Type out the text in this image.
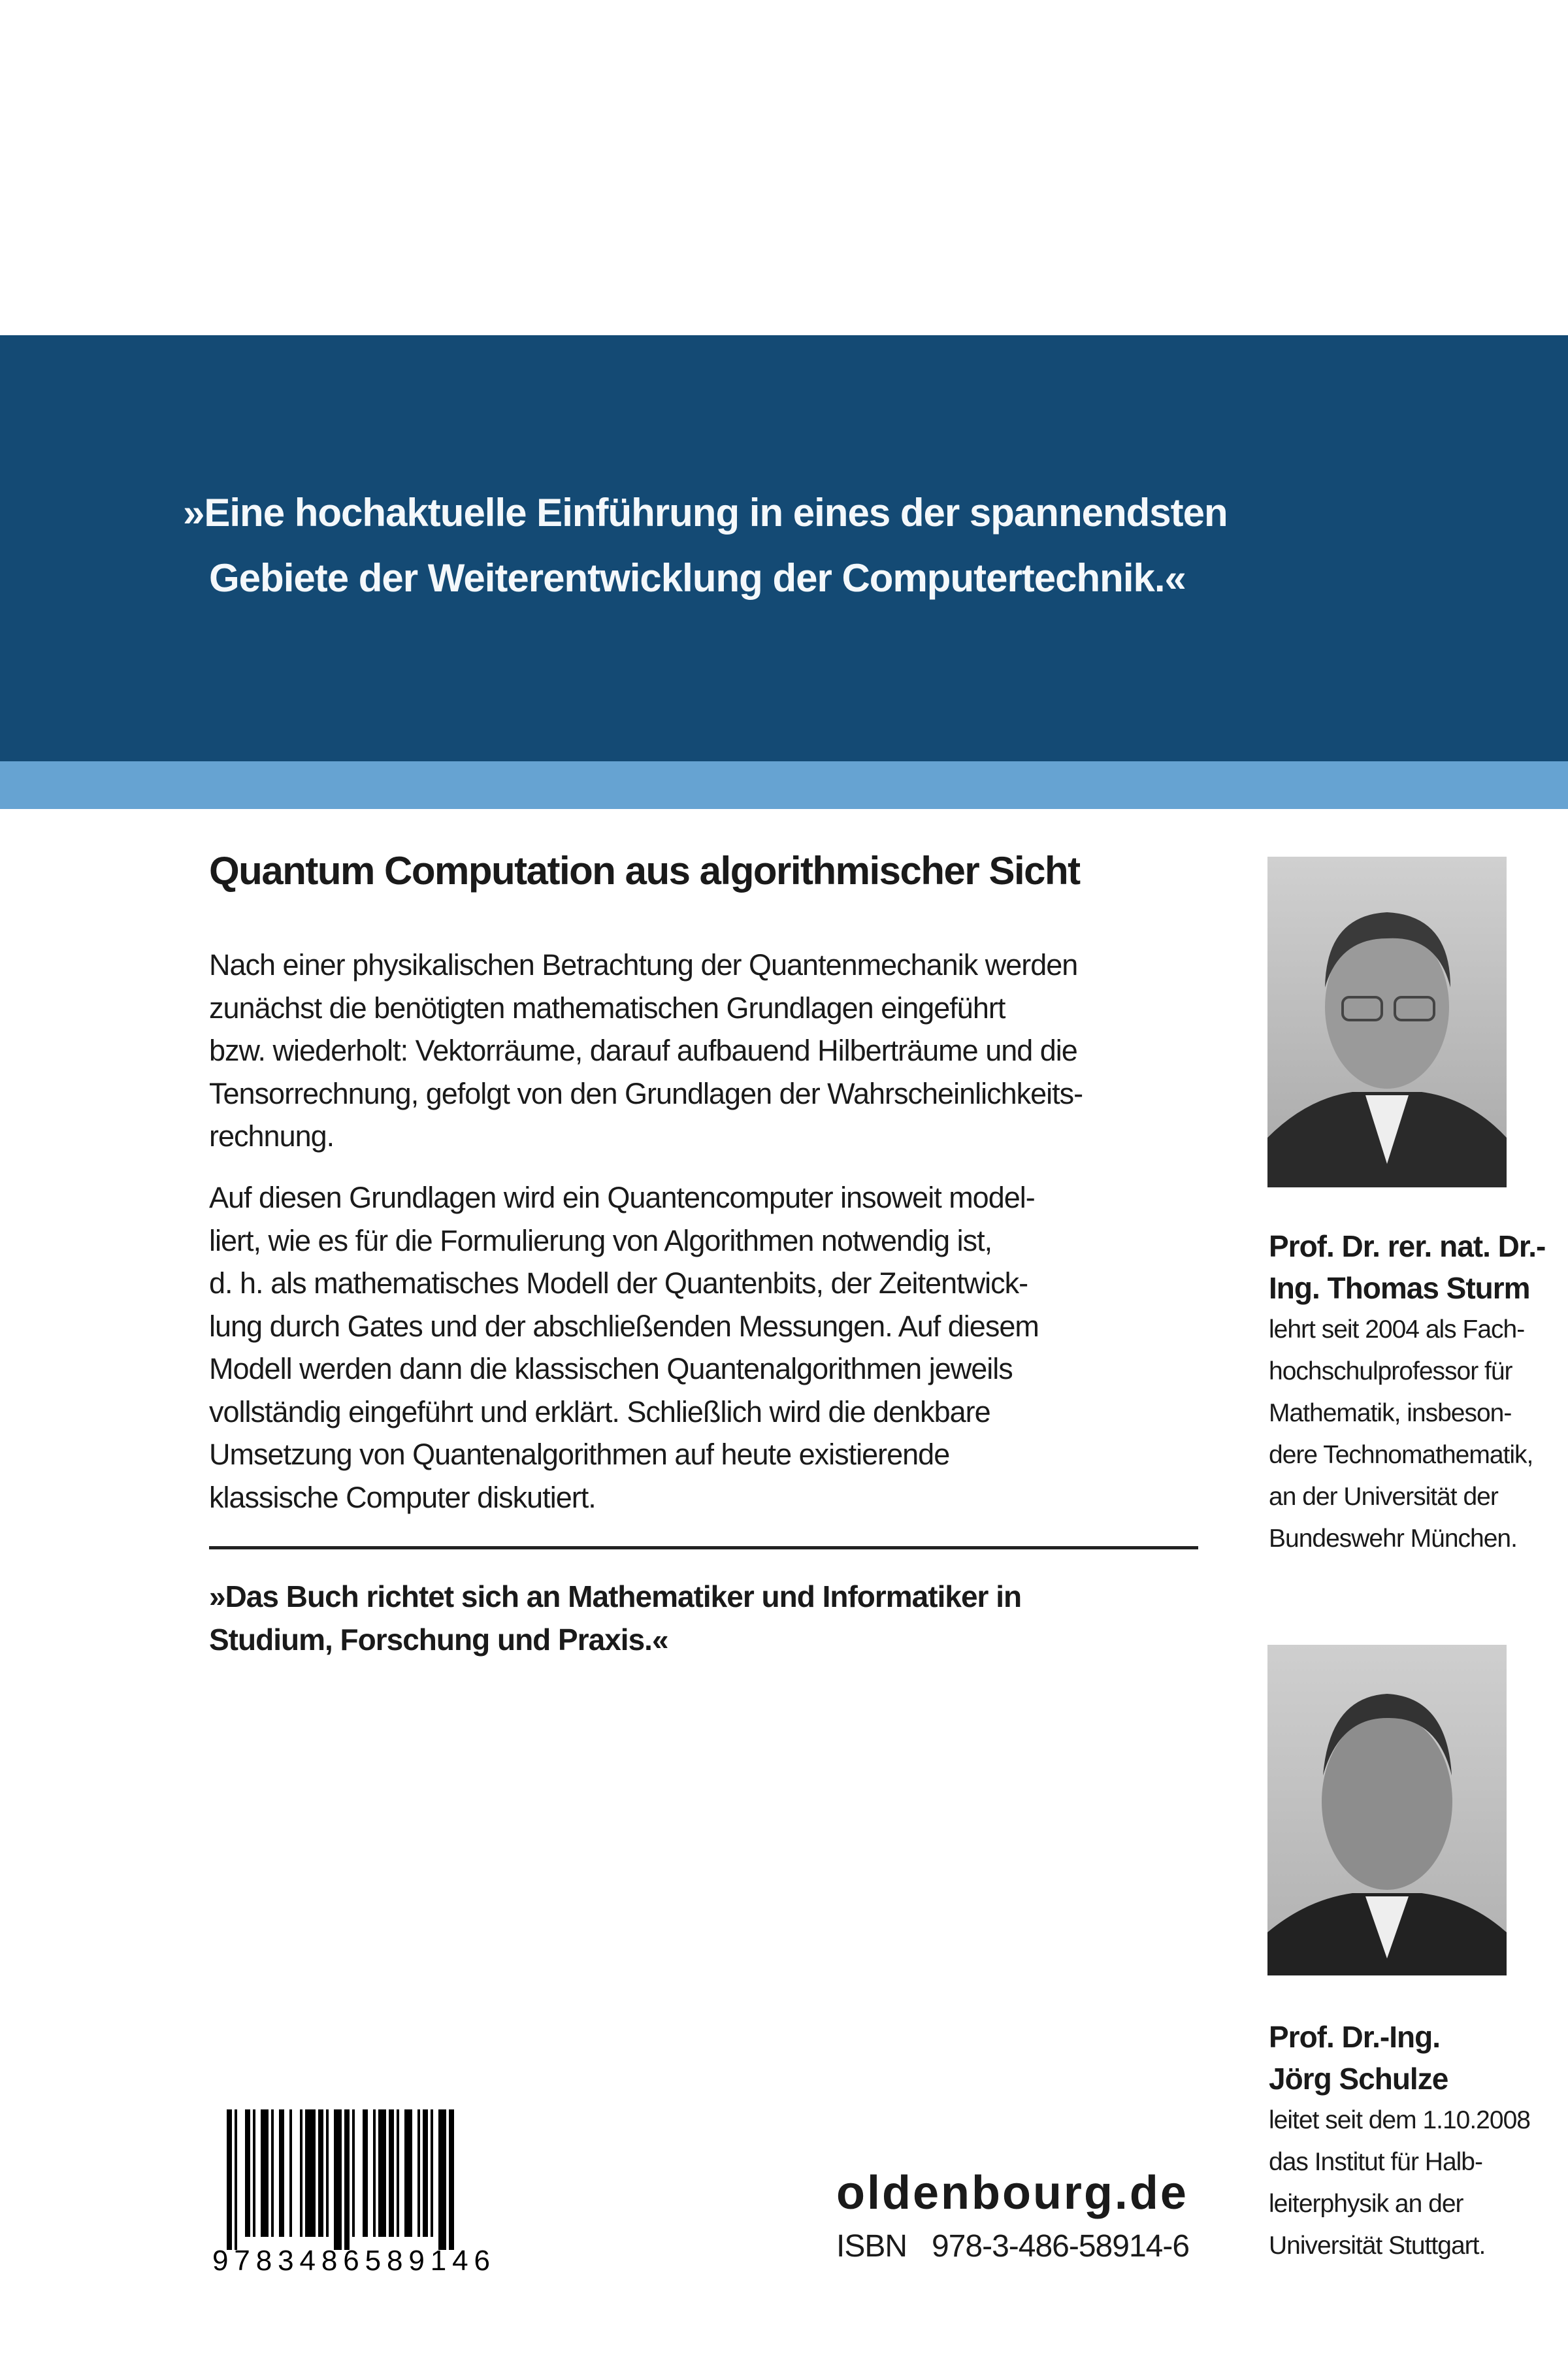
»Eine hochaktuelle Einführung in eines der spannendsten
Gebiete der Weiterentwicklung der Computertechnik.«
Quantum Computation aus algorithmischer Sicht
Nach einer physikalischen Betrachtung der Quantenmechanik werden
zunächst die benötigten mathematischen Grundlagen eingeführt
bzw. wiederholt: Vektorräume, darauf aufbauend Hilberträume und die
Tensorrechnung, gefolgt von den Grundlagen der Wahrscheinlichkeits-
rechnung.
Auf diesen Grundlagen wird ein Quantencomputer insoweit model-
liert, wie es für die Formulierung von Algorithmen notwendig ist,
d. h. als mathematisches Modell der Quantenbits, der Zeitentwick-
lung durch Gates und der abschließenden Messungen. Auf diesem
Modell werden dann die klassischen Quantenalgorithmen jeweils
vollständig eingeführt und erklärt. Schließlich wird die denkbare
Umsetzung von Quantenalgorithmen auf heute existierende
klassische Computer diskutiert.
»Das Buch richtet sich an Mathematiker und Informatiker in
Studium, Forschung und Praxis.«
Prof. Dr. rer. nat. Dr.-
Ing. Thomas Sturm
lehrt seit 2004 als Fach-
hochschulprofessor für
Mathematik, insbeson-
dere Technomathematik,
an der Universität der
Bundeswehr München.
Prof. Dr.-Ing.
Jörg Schulze
leitet seit dem 1.10.2008
das Institut für Halb-
leiterphysik an der
Universität Stuttgart.
9783486589146
oldenbourg.de
ISBN 978-3-486-58914-6
